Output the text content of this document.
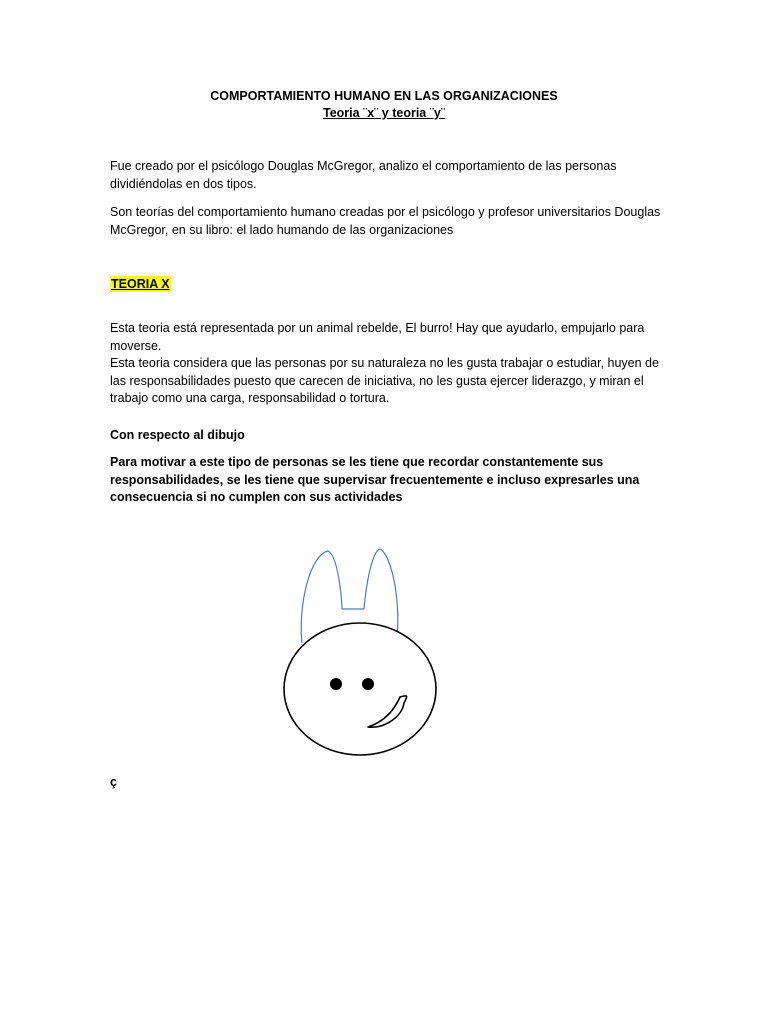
COMPORTAMIENTO HUMANO EN LAS ORGANIZACIONES
Teoria ¨x¨ y teoria ¨y¨
Fue creado por el psicólogo Douglas McGregor, analizo el comportamiento de las personas dividiéndolas en dos tipos.
Son teorías del comportamiento humano creadas por el psicólogo y profesor universitarios Douglas McGregor, en su libro: el lado humando de las organizaciones
TEORIA X
Esta teoria está representada por un animal rebelde, El burro! Hay que ayudarlo, empujarlo para moverse.
Esta teoria considera que las personas por su naturaleza no les gusta trabajar o estudiar, huyen de las responsabilidades puesto que carecen de iniciativa, no les gusta ejercer liderazgo, y miran el trabajo como una carga, responsabilidad o tortura.
Con respecto al dibujo
Para motivar a este tipo de personas se les tiene que recordar constantemente sus responsabilidades, se les tiene que supervisar frecuentemente e incluso expresarles una consecuencia si no cumplen con sus actividades
ç
